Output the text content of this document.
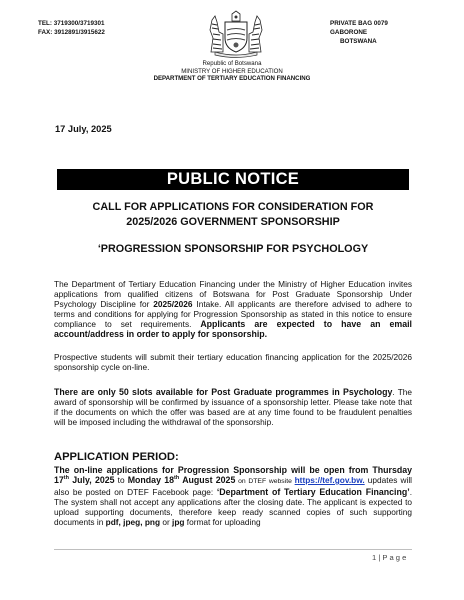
TEL: 3719300/3719301
FAX: 3912891/3915622
PRIVATE BAG 0079
GABORONE
BOTSWANA
Republic of Botswana
MINISTRY OF HIGHER EDUCATION
DEPARTMENT OF TERTIARY EDUCATION FINANCING
17 July, 2025
PUBLIC NOTICE
CALL FOR APPLICATIONS FOR CONSIDERATION FOR
2025/2026 GOVERNMENT SPONSORSHIP
‘PROGRESSION SPONSORSHIP FOR PSYCHOLOGY
The Department of Tertiary Education Financing under the Ministry of Higher Education invites applications from qualified citizens of Botswana for Post Graduate Sponsorship Under Psychology Discipline for 2025/2026 Intake. All applicants are therefore advised to adhere to terms and conditions for applying for Progression Sponsorship as stated in this notice to ensure compliance to set requirements. Applicants are expected to have an email account/address in order to apply for sponsorship.
Prospective students will submit their tertiary education financing application for the 2025/2026 sponsorship cycle on-line.
There are only 50 slots available for Post Graduate programmes in Psychology. The award of sponsorship will be confirmed by issuance of a sponsorship letter. Please take note that if the documents on which the offer was based are at any time found to be fraudulent penalties will be imposed including the withdrawal of the sponsorship.
APPLICATION PERIOD:
The on-line applications for Progression Sponsorship will be open from Thursday 17th July, 2025 to Monday 18th August 2025 on DTEF website https://tef.gov.bw. updates will also be posted on DTEF Facebook page: ‘Department of Tertiary Education Financing’. The system shall not accept any applications after the closing date. The applicant is expected to upload supporting documents, therefore keep ready scanned copies of such supporting documents in pdf, jpeg, png or jpg format for uploading
1 | P a g e
